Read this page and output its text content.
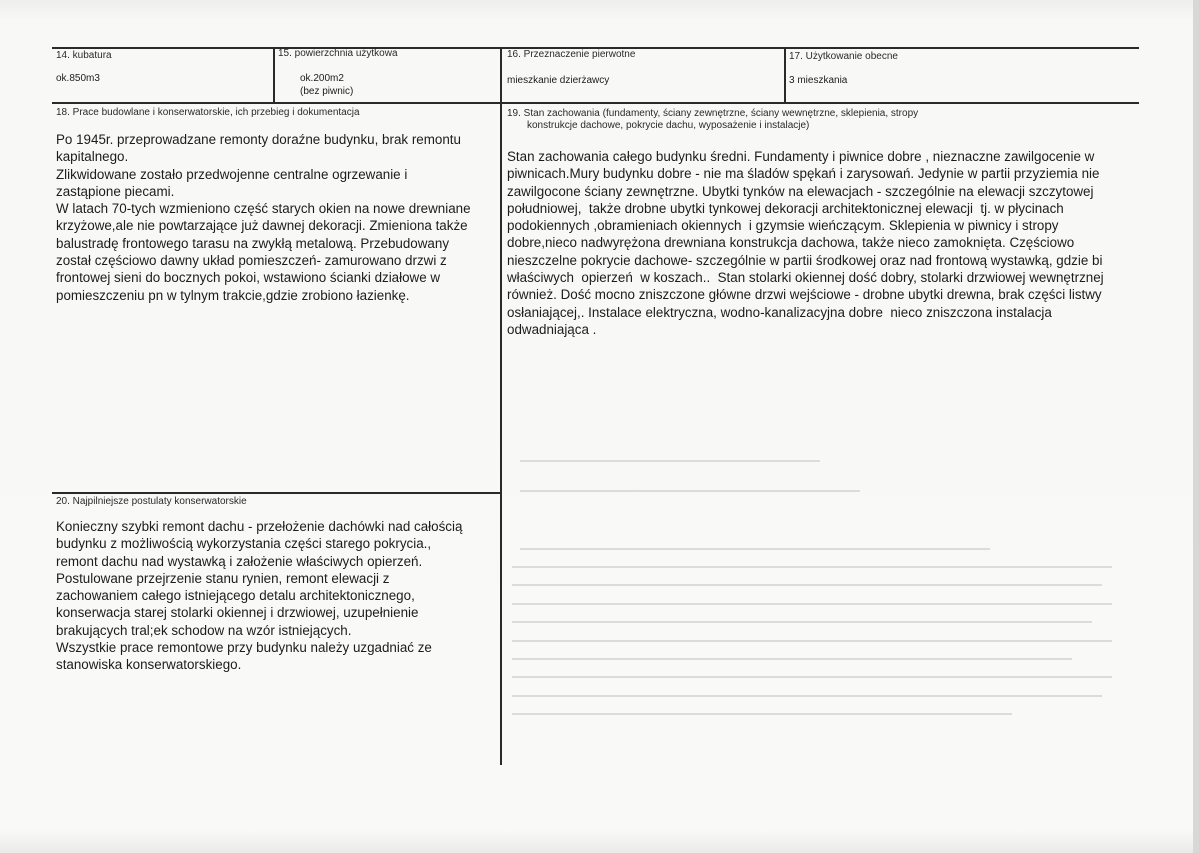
14. kubatura
ok.850m3
15. powierzchnia użytkowa
ok.200m2
(bez piwnic)
16. Przeznaczenie pierwotne
mieszkanie dzierżawcy
17. Użytkowanie obecne
3 mieszkania
18. Prace budowlane i konserwatorskie, ich przebieg i dokumentacja
Po 1945r. przeprowadzane remonty doraźne budynku, brak remontu
kapitalnego.
Zlikwidowane zostało przedwojenne centralne ogrzewanie i
zastąpione piecami.
W latach 70-tych wzmieniono część starych okien na nowe drewniane
krzyżowe,ale nie powtarzające już dawnej dekoracji. Zmieniona także
balustradę frontowego tarasu na zwykłą metalową. Przebudowany
został częściowo dawny układ pomieszczeń- zamurowano drzwi z
frontowej sieni do bocznych pokoi, wstawiono ścianki działowe w
pomieszczeniu pn w tylnym trakcie,gdzie zrobiono łazienkę.
19. Stan zachowania (fundamenty, ściany zewnętrzne, ściany wewnętrzne, sklepienia, stropy
konstrukcje dachowe, pokrycie dachu, wyposażenie i instalacje)
Stan zachowania całego budynku średni. Fundamenty i piwnice dobre , nieznaczne zawilgocenie w
piwnicach.Mury budynku dobre - nie ma śladów spękań i zarysowań. Jedynie w partii przyziemia nie
zawilgocone ściany zewnętrzne. Ubytki tynków na elewacjach - szczególnie na elewacji szczytowej
południowej,  także drobne ubytki tynkowej dekoracji architektonicznej elewacji  tj. w płycinach
podokiennych ,obramieniach okiennych  i gzymsie wieńczącym. Sklepienia w piwnicy i stropy
dobre,nieco nadwyrężona drewniana konstrukcja dachowa, także nieco zamoknięta. Częściowo
nieszczelne pokrycie dachowe- szczególnie w partii środkowej oraz nad frontową wystawką, gdzie bi
właściwych  opierzeń  w koszach..  Stan stolarki okiennej dość dobry, stolarki drzwiowej wewnętrznej
również. Dość mocno zniszczone główne drzwi wejściowe - drobne ubytki drewna, brak części listwy
osłaniającej,. Instalace elektryczna, wodno-kanalizacyjna dobre  nieco zniszczona instalacja
odwadniająca .
20. Najpilniejsze postulaty konserwatorskie
Konieczny szybki remont dachu - przełożenie dachówki nad całością
budynku z możliwością wykorzystania części starego pokrycia.,
remont dachu nad wystawką i założenie właściwych opierzeń.
Postulowane przejrzenie stanu rynien, remont elewacji z
zachowaniem całego istniejącego detalu architektonicznego,
konserwacja starej stolarki okiennej i drzwiowej, uzupełnienie
brakujących tral;ek schodow na wzór istniejących.
Wszystkie prace remontowe przy budynku należy uzgadniać ze
stanowiska konserwatorskiego.
